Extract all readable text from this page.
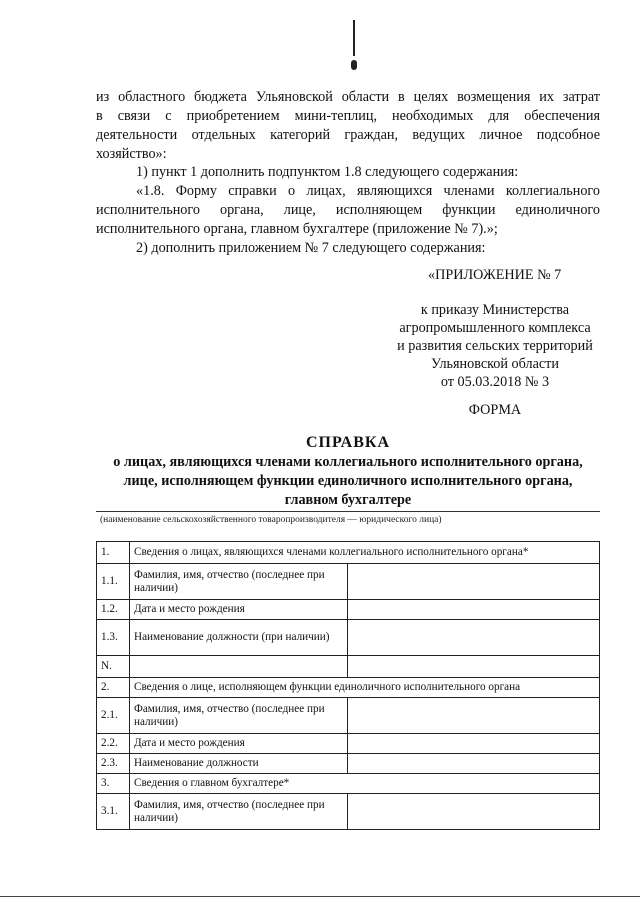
из областного бюджета Ульяновской области в целях возмещения их затрат
в связи с приобретением мини-теплиц, необходимых для обеспечения
деятельности отдельных категорий граждан, ведущих личное подсобное
хозяйство»:
1) пункт 1 дополнить подпунктом 1.8 следующего содержания:
«1.8. Форму справки о лицах, являющихся членами коллегиального
исполнительного органа, лице, исполняющем функции единоличного
исполнительного органа, главном бухгалтере (приложение № 7).»;
2) дополнить приложением № 7 следующего содержания:
«ПРИЛОЖЕНИЕ № 7
к приказу Министерства
агропромышленного комплекса
и развития сельских территорий
Ульяновской области
от 05.03.2018 № 3
ФОРМА
СПРАВКА
о лицах, являющихся членами коллегиального исполнительного органа,
лице, исполняющем функции единоличного исполнительного органа,
главном бухгалтере
(наименование сельскохозяйственного товаропроизводителя — юридического лица)
1.	Сведения о лицах, являющихся членами коллегиального исполнительного органа*	
1.1.	Фамилия, имя, отчество (последнее при наличии)	
1.2.	Дата и место рождения	
1.3.	Наименование должности (при наличии)	
N.		
2.	Сведения о лице, исполняющем функции единоличного исполнительного органа	
2.1.	Фамилия, имя, отчество (последнее при наличии)	
2.2.	Дата и место рождения	
2.3.	Наименование должности	
3.	Сведения о главном бухгалтере*	
3.1.	Фамилия, имя, отчество (последнее при наличии)	
